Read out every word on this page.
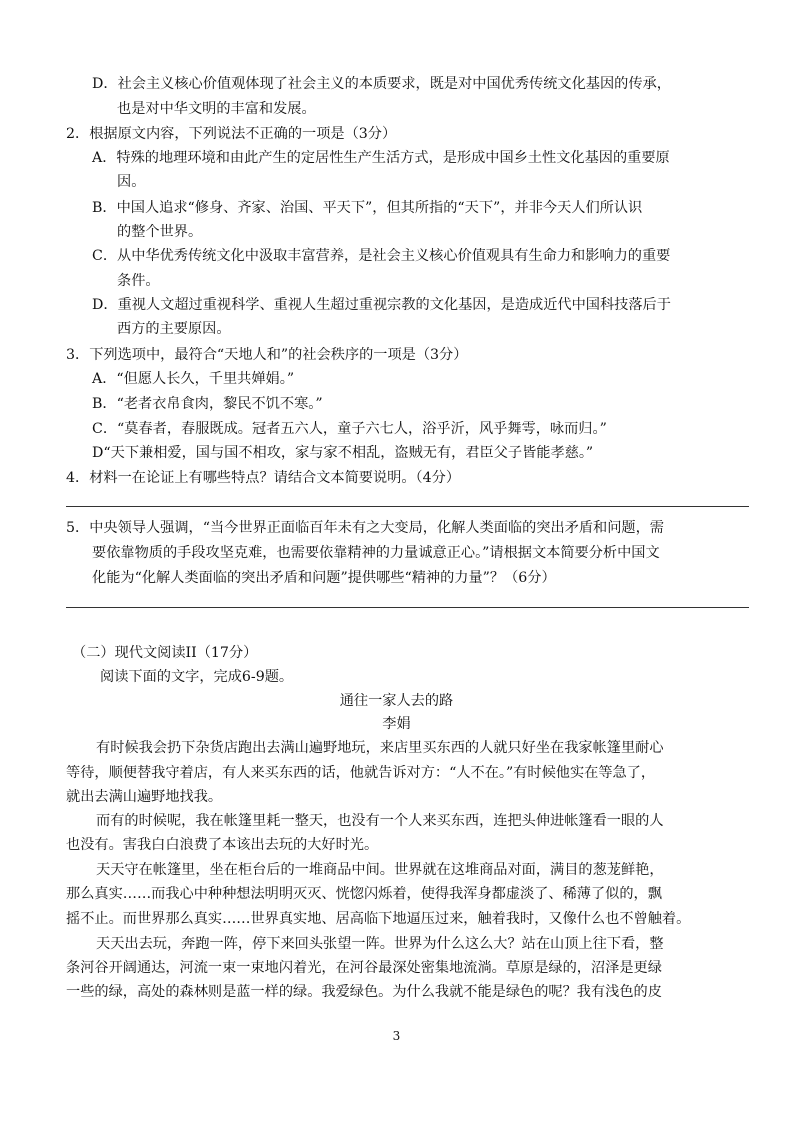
D．社会主义核心价值观体现了社会主义的本质要求，既是对中国优秀传统文化基因的传承，
也是对中华文明的丰富和发展。
2．根据原文内容，下列说法不正确的一项是（3分）
A．特殊的地理环境和由此产生的定居性生产生活方式，是形成中国乡土性文化基因的重要原
因。
B．中国人追求“修身、齐家、治国、平天下”，但其所指的“天下”，并非今天人们所认识
的整个世界。
C．从中华优秀传统文化中汲取丰富营养，是社会主义核心价值观具有生命力和影响力的重要
条件。
D．重视人文超过重视科学、重视人生超过重视宗教的文化基因，是造成近代中国科技落后于
西方的主要原因。
3．下列选项中，最符合“天地人和”的社会秩序的一项是（3分）
A．“但愿人长久，千里共婵娟。”
B．“老者衣帛食肉，黎民不饥不寒。”
C．“莫春者，春服既成。冠者五六人，童子六七人，浴乎沂，风乎舞雩，咏而归。”
D“天下兼相爱，国与国不相攻，家与家不相乱，盗贼无有，君臣父子皆能孝慈。”
4．材料一在论证上有哪些特点？请结合文本简要说明。（4分）
5．中央领导人强调，“当今世界正面临百年未有之大变局，化解人类面临的突出矛盾和问题，需
要依靠物质的手段攻坚克难，也需要依靠精神的力量诚意正心。”请根据文本简要分析中国文
化能为“化解人类面临的突出矛盾和问题”提供哪些“精神的力量”？（6分）
（二）现代文阅读II（17分）
阅读下面的文字，完成6-9题。
通往一家人去的路
李娟
有时候我会扔下杂货店跑出去满山遍野地玩，来店里买东西的人就只好坐在我家帐篷里耐心
等待，顺便替我守着店，有人来买东西的话，他就告诉对方：“人不在。”有时候他实在等急了，
就出去满山遍野地找我。
而有的时候呢，我在帐篷里耗一整天，也没有一个人来买东西，连把头伸进帐篷看一眼的人
也没有。害我白白浪费了本该出去玩的大好时光。
天天守在帐篷里，坐在柜台后的一堆商品中间。世界就在这堆商品对面，满目的葱茏鲜艳，
那么真实……而我心中种种想法明明灭灭、恍惚闪烁着，使得我浑身都虚淡了、稀薄了似的，飘
摇不止。而世界那么真实……世界真实地、居高临下地逼压过来，触着我时，又像什么也不曾触着。
天天出去玩，奔跑一阵，停下来回头张望一阵。世界为什么这么大？站在山顶上往下看，整
条河谷开阔通达，河流一束一束地闪着光，在河谷最深处密集地流淌。草原是绿的，沼泽是更绿
一些的绿，高处的森林则是蓝一样的绿。我爱绿色。为什么我就不能是绿色的呢？我有浅色的皮
3
